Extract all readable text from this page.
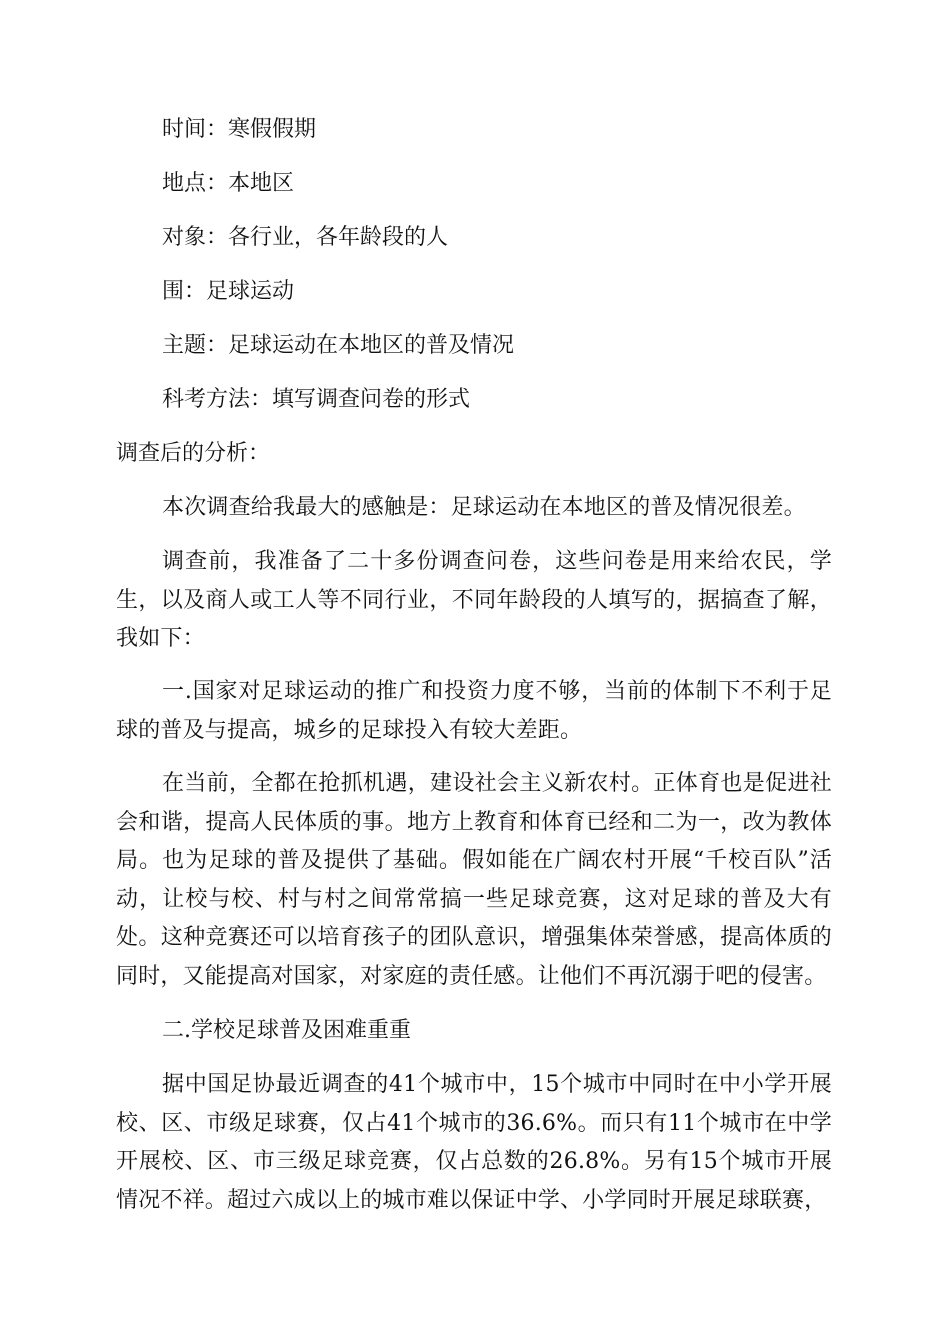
时间：寒假假期
地点：本地区
对象：各行业，各年龄段的人
围：足球运动
主题：足球运动在本地区的普及情况
科考方法：填写调查问卷的形式
调查后的分析：
本次调查给我最大的感触是：足球运动在本地区的普及情况很差。
调查前，我准备了二十多份调查问卷，这些问卷是用来给农民，学生，以及商人或工人等不同行业，不同年龄段的人填写的，据搞查了解，我如下：
一.国家对足球运动的推广和投资力度不够，当前的体制下不利于足球的普及与提高，城乡的足球投入有较大差距。
在当前，全都在抢抓机遇，建设社会主义新农村。正体育也是促进社会和谐，提高人民体质的事。地方上教育和体育已经和二为一，改为教体局。也为足球的普及提供了基础。假如能在广阔农村开展“千校百队”活动，让校与校、村与村之间常常搞一些足球竞赛，这对足球的普及大有处。这种竞赛还可以培育孩子的团队意识，增强集体荣誉感，提高体质的同时，又能提高对国家，对家庭的责任感。让他们不再沉溺于吧的侵害。
二.学校足球普及困难重重
据中国足协最近调查的41个城市中，15个城市中同时在中小学开展校、区、市级足球赛，仅占41个城市的36.6%。而只有11个城市在中学开展校、区、市三级足球竞赛，仅占总数的26.8%。另有15个城市开展情况不祥。超过六成以上的城市难以保证中学、小学同时开展足球联赛，
